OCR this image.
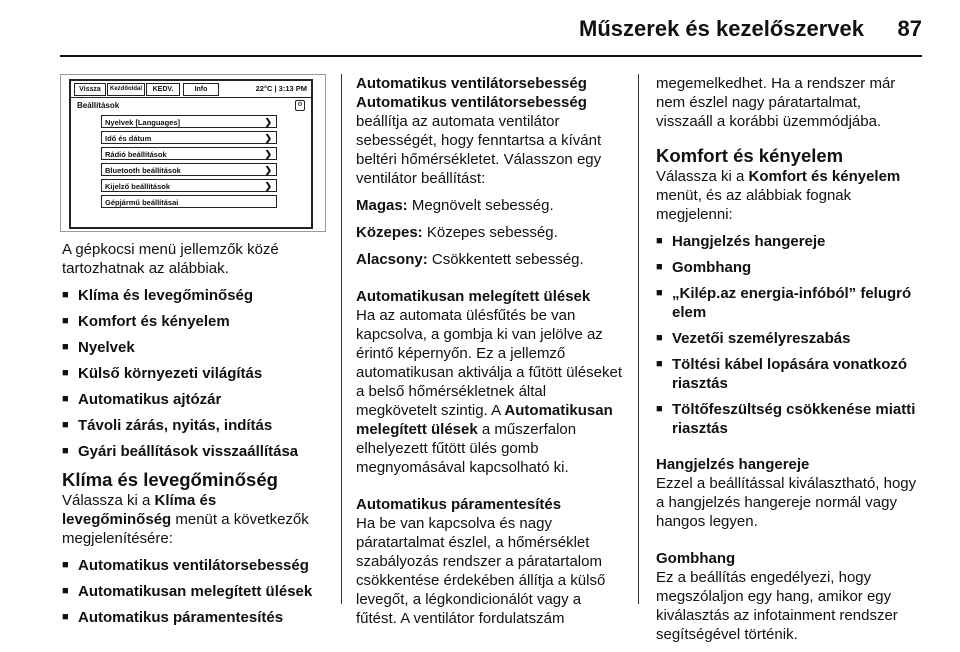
Műszerek és kezelőszervek 87
Vissza	Kezdőoldal	KEDV.	Info	22°C | 3:13 PM
Beállítások	⚙
Nyelvek [Languages]	❯
Idő és dátum	❯
Rádió beállítások	❯
Bluetooth beállítások	❯
Kijelző beállítások	❯
Gépjármű beállításai

A gépkocsi menü jellemzők közé tartozhatnak az alábbiak.

■ Klíma és levegőminőség
■ Komfort és kényelem
■ Nyelvek
■ Külső környezeti világítás
■ Automatikus ajtózár
■ Távoli zárás, nyitás, indítás
■ Gyári beállítások visszaállítása
Klíma és levegőminőség

Válassza ki a Klíma és levegőminőség menüt a következők megjelenítésére:

■ Automatikus ventilátorsebesség
■ Automatikusan melegített ülések
■ Automatikus páramentesítés
Automatikus ventilátorsebesség

Automatikus ventilátorsebesség beállítja az automata ventilátor sebességét, hogy fenntartsa a kívánt beltéri hőmérsékletet. Válasszon egy ventilátor beállítást:

Magas: Megnövelt sebesség.

Közepes: Közepes sebesség.

Alacsony: Csökkentett sebesség.

Automatikusan melegített ülések

Ha az automata ülésfűtés be van kapcsolva, a gombja ki van jelölve az érintő képernyőn. Ez a jellemző automatikusan aktiválja a fűtött üléseket a belső hőmérsékletnek által megkövetelt szintig. A Automatikusan melegített ülések a műszerfalon elhelyezett fűtött ülés gomb megnyomásával kapcsolható ki.

Automatikus páramentesítés

Ha be van kapcsolva és nagy páratartalmat észlel, a hőmérséklet szabályozás rendszer a páratartalom csökkentése érdekében állítja a külső levegőt, a légkondicionálót vagy a fűtést. A ventilátor fordulatszám

megemelkedhet. Ha a rendszer már nem észlel nagy páratartalmat, visszaáll a korábbi üzemmódjába.

Komfort és kényelem

Válassza ki a Komfort és kényelem menüt, és az alábbiak fognak megjelenni:

■ Hangjelzés hangereje
■ Gombhang
■ „Kilép.az energia-infóból” felugró elem
■ Vezetői személyreszabás
■ Töltési kábel lopására vonatkozó riasztás
■ Töltőfeszültség csökkenése miatti riasztás
Hangjelzés hangereje

Ezzel a beállítással kiválasztható, hogy a hangjelzés hangereje normál vagy hangos legyen.

Gombhang

Ez a beállítás engedélyezi, hogy megszólaljon egy hang, amikor egy kiválasztás az infotainment rendszer segítségével történik.
